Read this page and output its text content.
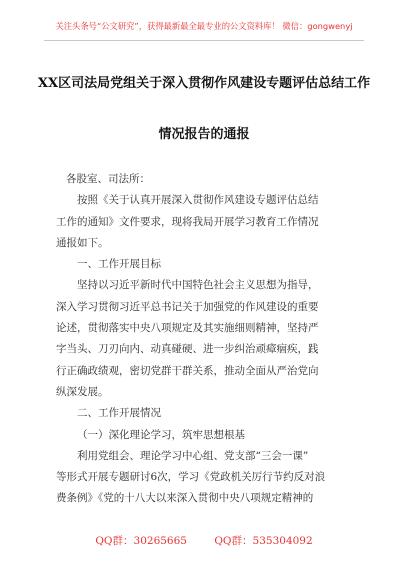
关注头条号“公文研究”，获得最新最全最专业的公文资料库！ 微信：gongwenyj
XX区司法局党组关于深入贯彻作风建设专题评估总结工作
情况报告的通报
各股室、司法所：
按照《关于认真开展深入贯彻作风建设专题评估总结
工作的通知》文件要求，现将我局开展学习教育工作情况
通报如下。
一、工作开展目标
坚持以习近平新时代中国特色社会主义思想为指导，
深入学习贯彻习近平总书记关于加强党的作风建设的重要
论述，贯彻落实中央八项规定及其实施细则精神，坚持严
字当头、刀刃向内、动真碰硬、进一步纠治顽瘴痼疾，践
行正确政绩观，密切党群干群关系，推动全面从严治党向
纵深发展。
二、工作开展情况
（一）深化理论学习，筑牢思想根基
利用党组会、理论学习中心组、党支部“三会一课”
等形式开展专题研讨6次，学习《党政机关厉行节约反对浪
费条例》《党的十八大以来深入贯彻中央八项规定精神的
QQ群：30265665	QQ群：535304092
